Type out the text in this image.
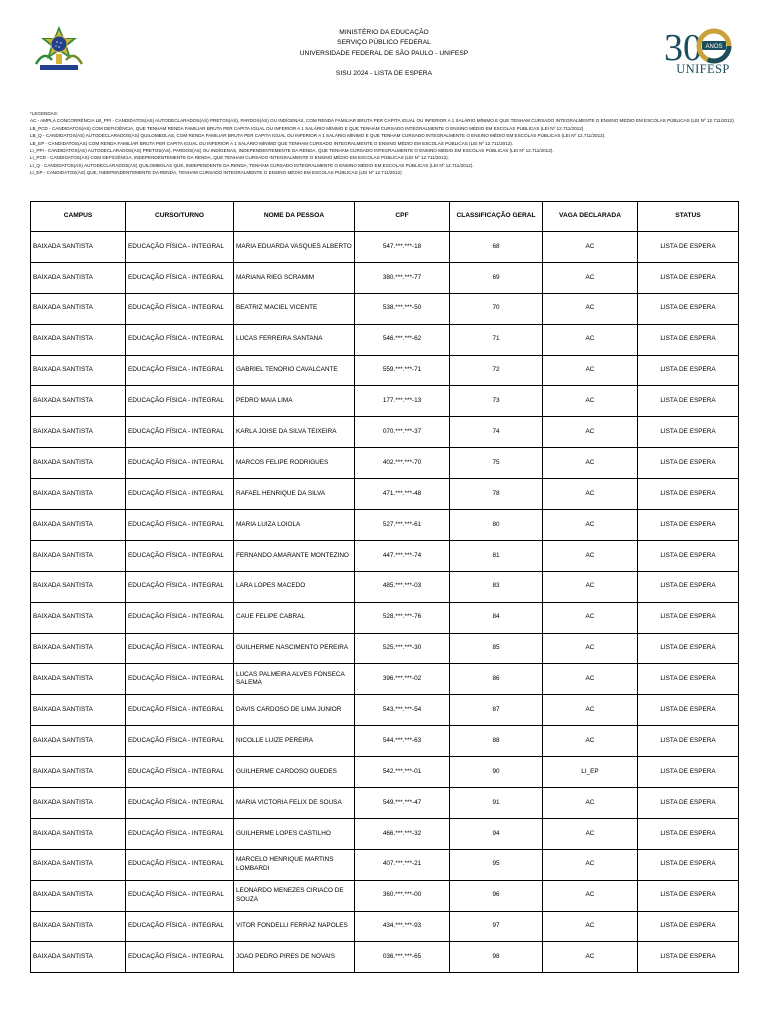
MINISTÉRIO DA EDUCAÇÃO
SERVIÇO PÚBLICO FEDERAL
UNIVERSIDADE FEDERAL DE SÃO PAULO - UNIFESP
SISU 2024 - LISTA DE ESPERA
30 ANOS
UNIFESP
*LEGENDAS:
AC - AMPLA CONCORRÊNCIA LB_PPI - CANDIDATOS(AS) AUTODECLARADOS(AS) PRETOS(AS), PARDOS(AS) OU INDÍGENAS, COM RENDA FAMILIAR BRUTA PER CAPITA IGUAL OU INFERIOR A 1 SALÁRIO MÍNIMO E QUE TENHAM CURSADO INTEGRALMENTE O ENSINO MÉDIO EM ESCOLAS PÚBLICAS (LEI Nº 12.711/2012)
LB_PCD - CANDIDATOS(AS) COM DEFICIÊNCIA, QUE TENHAM RENDA FAMILIAR BRUTA PER CAPITA IGUAL OU INFERIOR A 1 SALÁRIO MÍNIMO E QUE TENHAM CURSADO INTEGRALMENTE O ENSINO MÉDIO EM ESCOLAS PÚBLICAS (LEI Nº 12.711/2012)
LB_Q - CANDIDATOS(AS) AUTODECLARADOS(AS) QUILOMBOLAS, COM RENDA FAMILIAR BRUTA PER CAPITA IGUAL OU INFERIOR A 1 SALÁRIO MÍNIMO E QUE TENHAM CURSADO INTEGRALMENTE O ENSINO MÉDIO EM ESCOLAS PÚBLICAS (LEI Nº 12.711/2012).
LB_EP - CANDIDATOS(AS) COM RENDA FAMILIAR BRUTA PER CAPITA IGUAL OU INFERIOR A 1 SALÁRIO MÍNIMO QUE TENHAM CURSADO INTEGRALMENTE O ENSINO MÉDIO EM ESCOLAS PÚBLICAS (LEI Nº 12.711/2012).
LI_PPI - CANDIDATOS(AS) AUTODECLARADOS(AS) PRETOS(AS), PARDOS(AS) OU INDÍGENAS, INDEPENDENTEMENTE DA RENDA, QUE TENHAM CURSADO INTEGRALMENTE O ENSINO MÉDIO EM ESCOLAS PÚBLICAS (LEI Nº 12.711/2012).
LI_PCD - CANDIDATOS(AS) COM DEFICIÊNCIA, INDEPENDENTEMENTE DA RENDA, QUE TENHAM CURSADO INTEGRALMENTE O ENSINO MÉDIO EM ESCOLAS PÚBLICAS (LEI Nº 12.711/2012).
LI_Q - CANDIDATOS(AS) AUTODECLARADOS(AS) QUILOMBOLAS QUE, INDEPENDENTE DA RENDA, TENHAM CURSADO INTEGRALMENTE O ENSINO MÉDIO EM ESCOLAS PÚBLICAS (LEI Nº 12.711/2012).
LI_EP - CANDIDATOS(AS) QUE, INDEPENDENTEMENTE DA RENDA, TENHAM CURSADO INTEGRALMENTE O ENSINO MÉDIO EM ESCOLAS PÚBLICAS (LEI Nº 12.711/2012)
CAMPUS	CURSO/TURNO	NOME DA PESSOA	CPF	CLASSIFICAÇÃO GERAL	VAGA DECLARADA	STATUS
BAIXADA SANTISTA	EDUCAÇÃO FÍSICA - INTEGRAL	MARIA EDUARDA VASQUES ALBERTO	547.***.***-18	68	AC	LISTA DE ESPERA
BAIXADA SANTISTA	EDUCAÇÃO FÍSICA - INTEGRAL	MARIANA RIEG SCRAMIM	380.***.***-77	69	AC	LISTA DE ESPERA
BAIXADA SANTISTA	EDUCAÇÃO FÍSICA - INTEGRAL	BEATRIZ MACIEL VICENTE	538.***.***-50	70	AC	LISTA DE ESPERA
BAIXADA SANTISTA	EDUCAÇÃO FÍSICA - INTEGRAL	LUCAS FERREIRA SANTANA	546.***.***-62	71	AC	LISTA DE ESPERA
BAIXADA SANTISTA	EDUCAÇÃO FÍSICA - INTEGRAL	GABRIEL TENORIO CAVALCANTE	559.***.***-71	72	AC	LISTA DE ESPERA
BAIXADA SANTISTA	EDUCAÇÃO FÍSICA - INTEGRAL	PEDRO MAIA LIMA	177.***.***-13	73	AC	LISTA DE ESPERA
BAIXADA SANTISTA	EDUCAÇÃO FÍSICA - INTEGRAL	KARLA JOISE DA SILVA TEIXEIRA	070.***.***-37	74	AC	LISTA DE ESPERA
BAIXADA SANTISTA	EDUCAÇÃO FÍSICA - INTEGRAL	MARCOS FELIPE RODRIGUES	402.***.***-70	75	AC	LISTA DE ESPERA
BAIXADA SANTISTA	EDUCAÇÃO FÍSICA - INTEGRAL	RAFAEL HENRIQUE DA SILVA	471.***.***-48	78	AC	LISTA DE ESPERA
BAIXADA SANTISTA	EDUCAÇÃO FÍSICA - INTEGRAL	MARIA LUIZA LOIOLA	527.***.***-61	80	AC	LISTA DE ESPERA
BAIXADA SANTISTA	EDUCAÇÃO FÍSICA - INTEGRAL	FERNANDO AMARANTE MONTEZINO	447.***.***-74	81	AC	LISTA DE ESPERA
BAIXADA SANTISTA	EDUCAÇÃO FÍSICA - INTEGRAL	LARA LOPES MACEDO	485.***.***-03	83	AC	LISTA DE ESPERA
BAIXADA SANTISTA	EDUCAÇÃO FÍSICA - INTEGRAL	CAUE FELIPE CABRAL	528.***.***-76	84	AC	LISTA DE ESPERA
BAIXADA SANTISTA	EDUCAÇÃO FÍSICA - INTEGRAL	GUILHERME NASCIMENTO PEREIRA	525.***.***-30	85	AC	LISTA DE ESPERA
BAIXADA SANTISTA	EDUCAÇÃO FÍSICA - INTEGRAL	LUCAS PALMEIRA ALVES FONSECA SALEMA	396.***.***-02	86	AC	LISTA DE ESPERA
BAIXADA SANTISTA	EDUCAÇÃO FÍSICA - INTEGRAL	DAVIS CARDOSO DE LIMA JUNIOR	543.***.***-54	87	AC	LISTA DE ESPERA
BAIXADA SANTISTA	EDUCAÇÃO FÍSICA - INTEGRAL	NICOLLE LUIZE PEREIRA	544.***.***-63	88	AC	LISTA DE ESPERA
BAIXADA SANTISTA	EDUCAÇÃO FÍSICA - INTEGRAL	GUILHERME CARDOSO GUEDES	542.***.***-01	90	LI_EP	LISTA DE ESPERA
BAIXADA SANTISTA	EDUCAÇÃO FÍSICA - INTEGRAL	MARIA VICTORIA FELIX DE SOUSA	549.***.***-47	91	AC	LISTA DE ESPERA
BAIXADA SANTISTA	EDUCAÇÃO FÍSICA - INTEGRAL	GUILHERME LOPES CASTILHO	466.***.***-32	94	AC	LISTA DE ESPERA
BAIXADA SANTISTA	EDUCAÇÃO FÍSICA - INTEGRAL	MARCELO HENRIQUE MARTINS LOMBARDI	407.***.***-21	95	AC	LISTA DE ESPERA
BAIXADA SANTISTA	EDUCAÇÃO FÍSICA - INTEGRAL	LEONARDO MENEZES CIRIACO DE SOUZA	360.***.***-00	96	AC	LISTA DE ESPERA
BAIXADA SANTISTA	EDUCAÇÃO FÍSICA - INTEGRAL	VITOR FONDELLI FERRAZ NAPOLES	434.***.***-93	97	AC	LISTA DE ESPERA
BAIXADA SANTISTA	EDUCAÇÃO FÍSICA - INTEGRAL	JOAO PEDRO PIRES DE NOVAIS	036.***.***-65	98	AC	LISTA DE ESPERA
